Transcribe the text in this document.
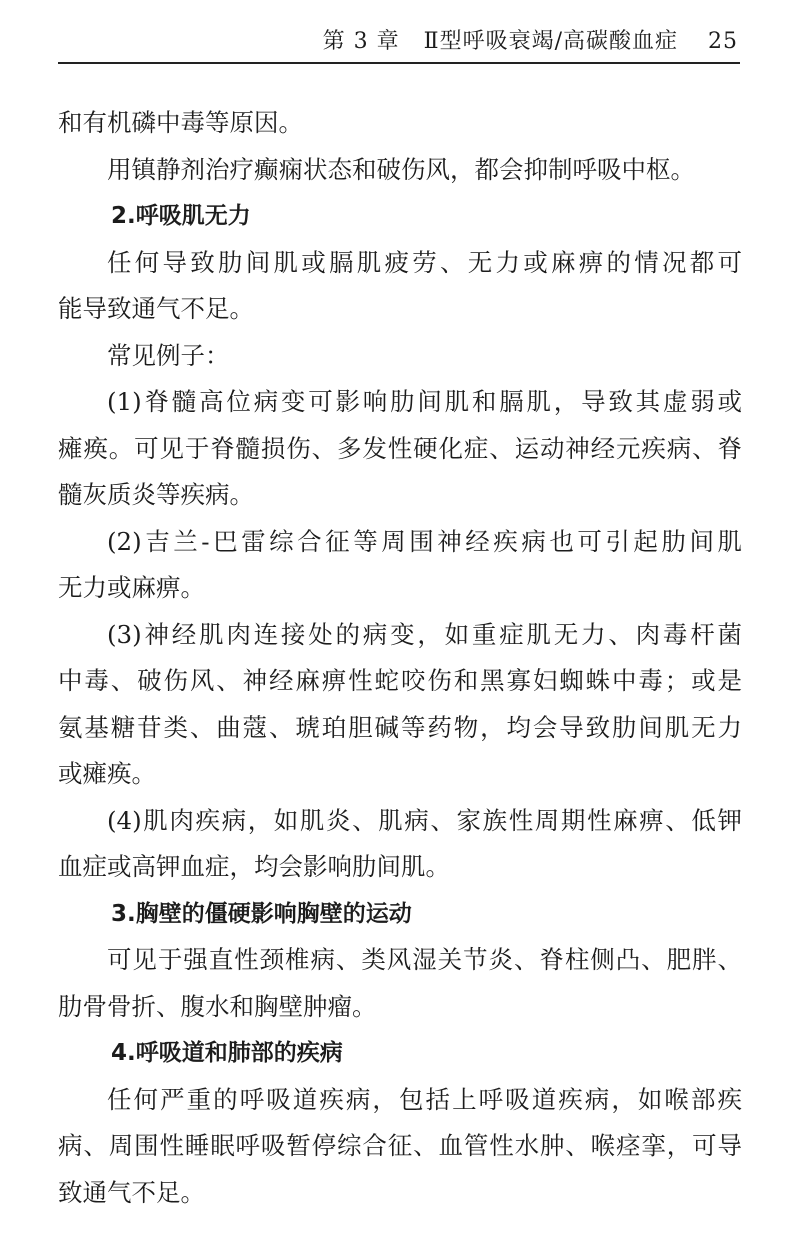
第 3 章 Ⅱ型呼吸衰竭/高碳酸血症 25
和有机磷中毒等原因。
用镇静剂治疗癫痫状态和破伤风，都会抑制呼吸中枢。
2.呼吸肌无力
任何导致肋间肌或膈肌疲劳、无力或麻痹的情况都可
能导致通气不足。
常见例子：
(1)脊髓高位病变可影响肋间肌和膈肌，导致其虚弱或
瘫痪。可见于脊髓损伤、多发性硬化症、运动神经元疾病、脊
髓灰质炎等疾病。
(2)吉兰-巴雷综合征等周围神经疾病也可引起肋间肌
无力或麻痹。
(3)神经肌肉连接处的病变，如重症肌无力、肉毒杆菌
中毒、破伤风、神经麻痹性蛇咬伤和黑寡妇蜘蛛中毒；或是
氨基糖苷类、曲蔻、琥珀胆碱等药物，均会导致肋间肌无力
或瘫痪。
(4)肌肉疾病，如肌炎、肌病、家族性周期性麻痹、低钾
血症或高钾血症，均会影响肋间肌。
3.胸壁的僵硬影响胸壁的运动
可见于强直性颈椎病、类风湿关节炎、脊柱侧凸、肥胖、
肋骨骨折、腹水和胸壁肿瘤。
4.呼吸道和肺部的疾病
任何严重的呼吸道疾病，包括上呼吸道疾病，如喉部疾
病、周围性睡眠呼吸暂停综合征、血管性水肿、喉痉挛，可导
致通气不足。
